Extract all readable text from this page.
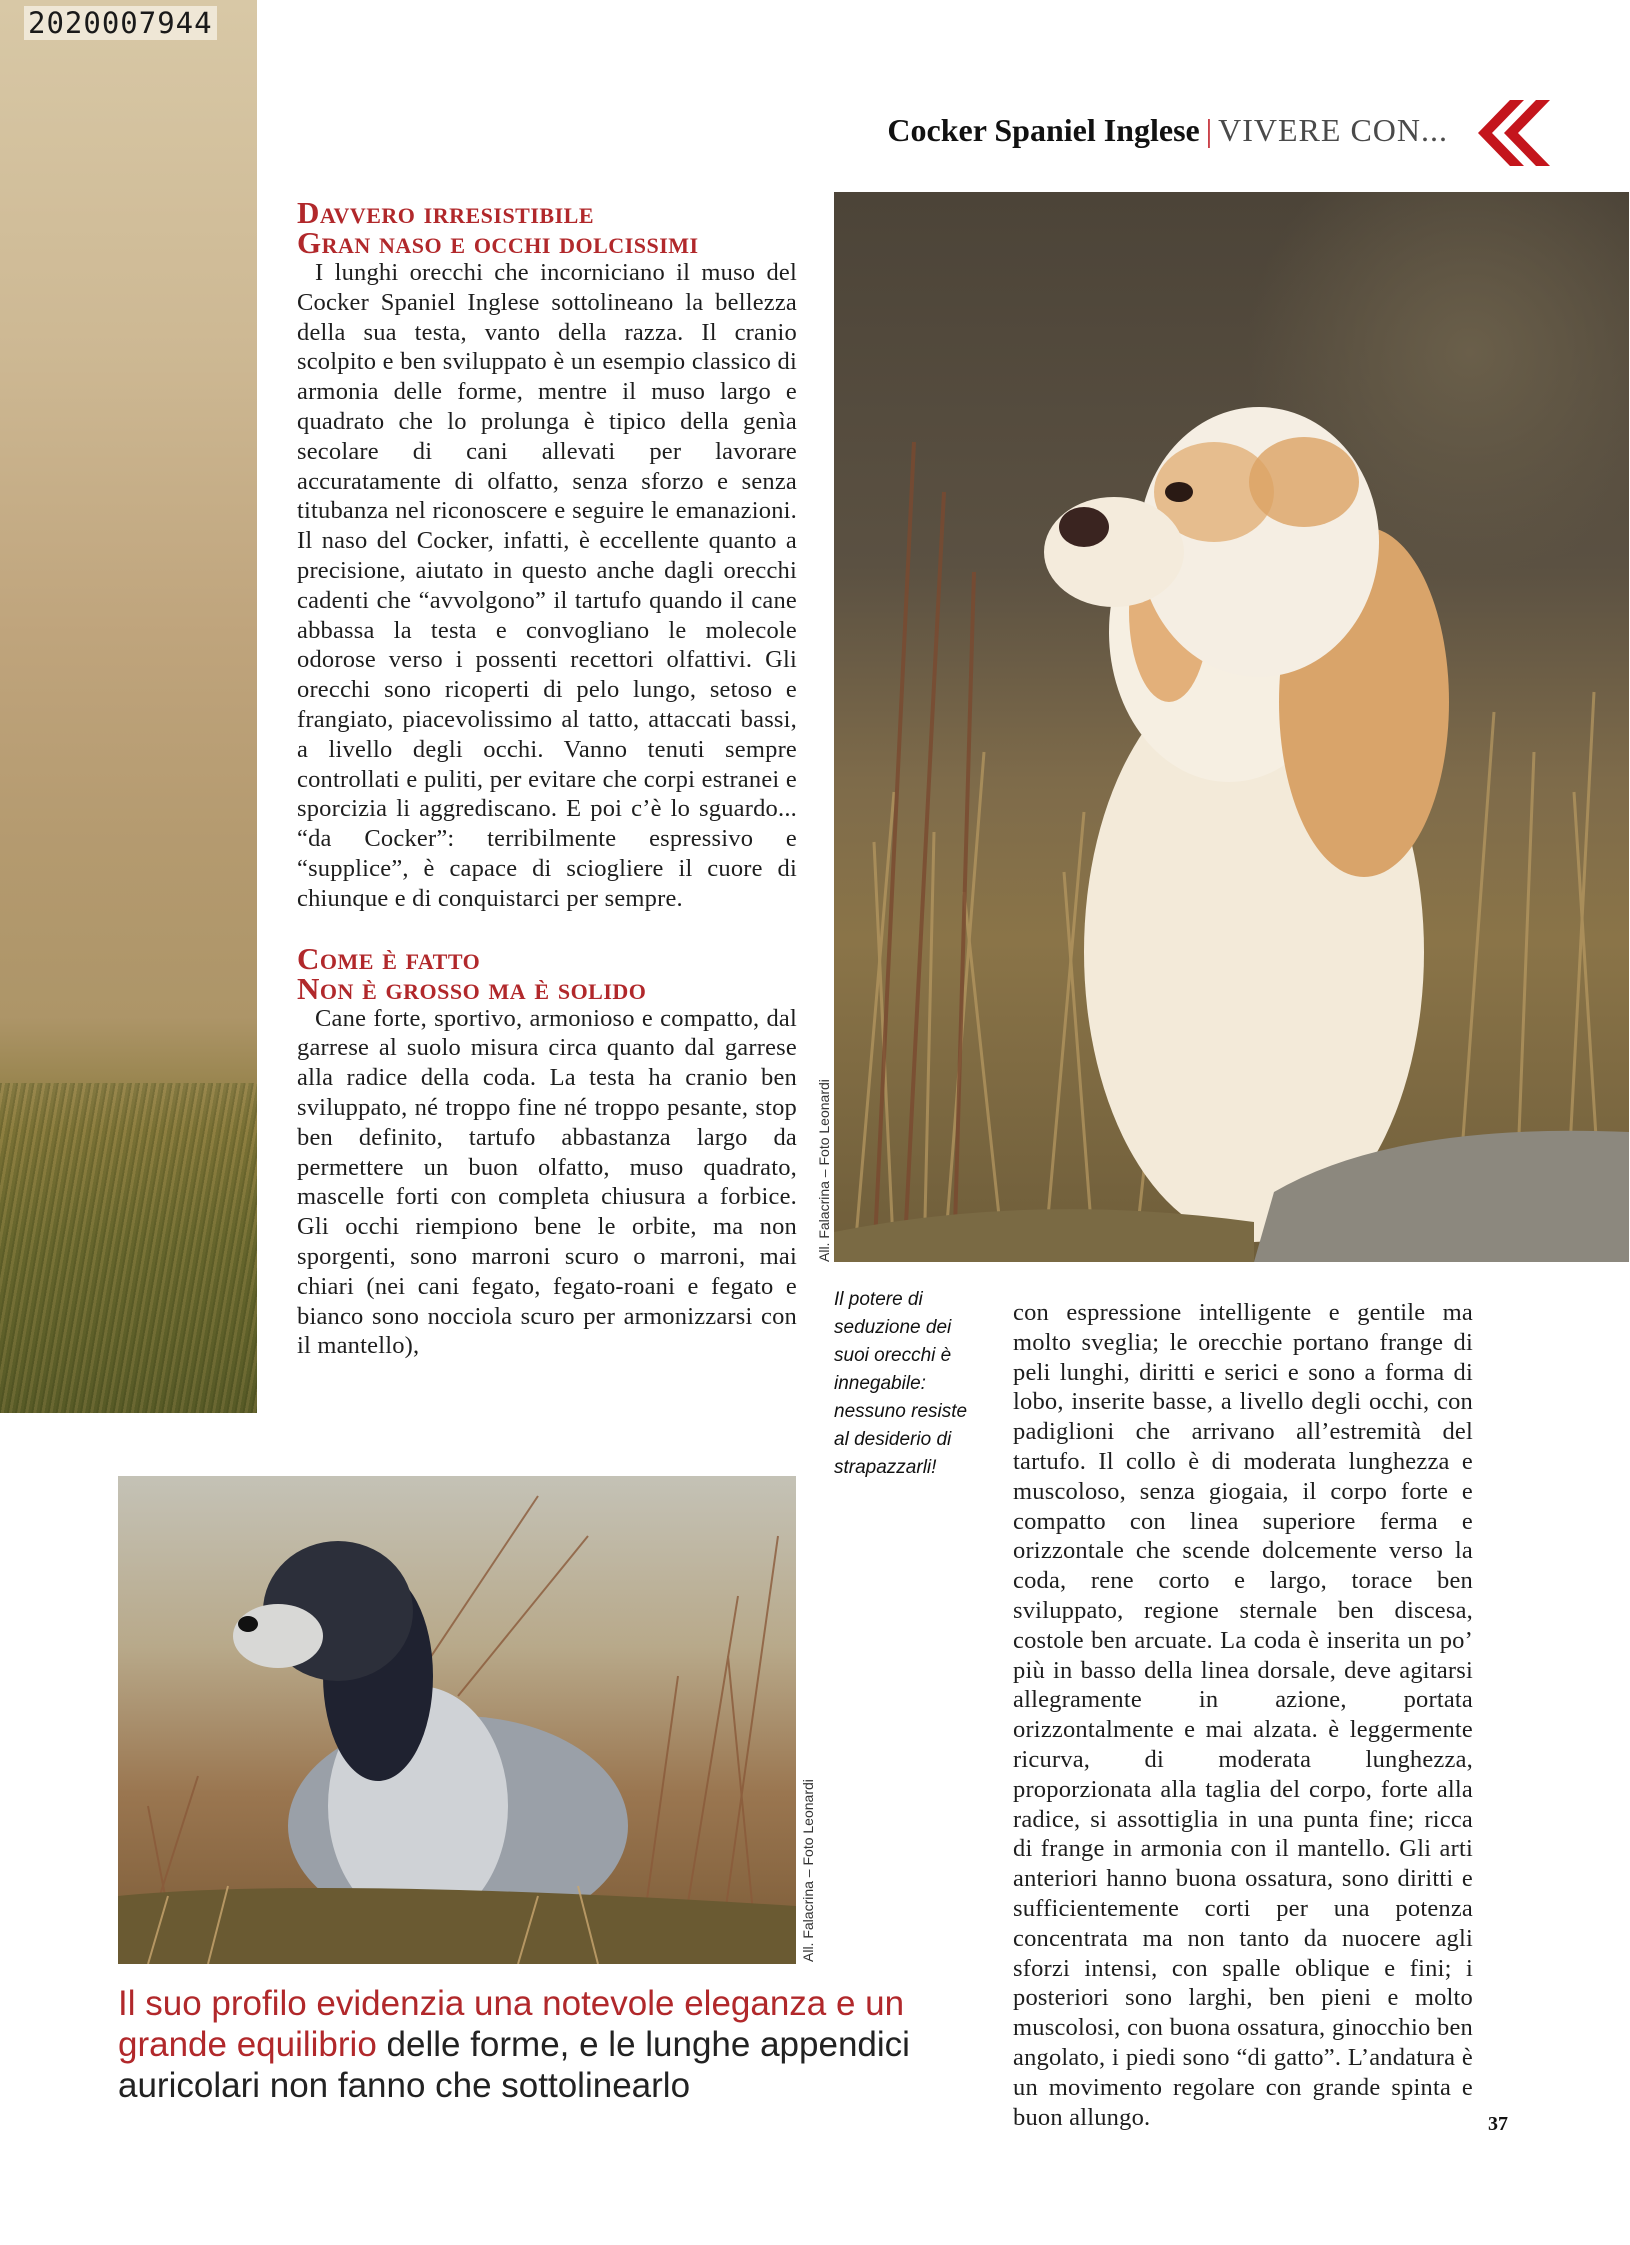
2020007944
Cocker Spaniel Inglese | VIVERE CON...
Davvero irresistibile
Gran naso e occhi dolcissimi

I lunghi orecchi che incorniciano il muso del Cocker Spaniel Inglese sottolineano la bellezza della sua testa, vanto della razza. Il cranio scolpito e ben sviluppato è un esempio classico di armonia delle forme, mentre il muso largo e quadrato che lo prolunga è tipico della genìa secolare di cani allevati per lavorare accuratamente di olfatto, senza sforzo e senza titubanza nel riconoscere e seguire le emanazioni. Il naso del Cocker, infatti, è eccellente quanto a precisione, aiutato in questo anche dagli orecchi cadenti che “avvolgono” il tartufo quando il cane abbassa la testa e convogliano le molecole odorose verso i possenti recettori olfattivi. Gli orecchi sono ricoperti di pelo lungo, setoso e frangiato, piacevolissimo al tatto, attaccati bassi, a livello degli occhi. Vanno tenuti sempre controllati e puliti, per evitare che corpi estranei e sporcizia li aggrediscano. E poi c’è lo sguardo... “da Cocker”: terribilmente espressivo e “supplice”, è capace di sciogliere il cuore di chiunque e di conquistarci per sempre.

Come è fatto
Non è grosso ma è solido

Cane forte, sportivo, armonioso e compatto, dal garrese al suolo misura circa quanto dal garrese alla radice della coda. La testa ha cranio ben sviluppato, né troppo fine né troppo pesante, stop ben definito, tartufo abbastanza largo da permettere un buon olfatto, muso quadrato, mascelle forti con completa chiusura a forbice. Gli occhi riempiono bene le orbite, ma non sporgenti, sono marroni scuro o marroni, mai chiari (nei cani fegato, fegato-roani e fegato e bianco sono nocciola scuro per armonizzarsi con il mantello),

All. Falacrina – Foto Leonardi
Il potere di seduzione dei suoi orecchi è innegabile: nessuno resiste al desiderio di strapazzarli!

con espressione intelligente e gentile ma molto sveglia; le orecchie portano frange di peli lunghi, diritti e serici e sono a forma di lobo, inserite basse, a livello degli occhi, con padiglioni che arrivano all’estremità del tartufo. Il collo è di moderata lunghezza e muscoloso, senza giogaia, il corpo forte e compatto con linea superiore ferma e orizzontale che scende dolcemente verso la coda, rene corto e largo, torace ben sviluppato, regione sternale ben discesa, costole ben arcuate. La coda è inserita un po’ più in basso della linea dorsale, deve agitarsi allegramente in azione, portata orizzontalmente e mai alzata. è leggermente ricurva, di moderata lunghezza, proporzionata alla taglia del corpo, forte alla radice, si assottiglia in una punta fine; ricca di frange in armonia con il mantello. Gli arti anteriori hanno buona ossatura, sono diritti e sufficientemente corti per una potenza concentrata ma non tanto da nuocere agli sforzi intensi, con spalle oblique e fini; i posteriori sono larghi, ben pieni e molto muscolosi, con buona ossatura, ginocchio ben angolato, i piedi sono “di gatto”. L’andatura è un movimento regolare con grande spinta e buon allungo.

All. Falacrina – Foto Leonardi
Il suo profilo evidenzia una notevole eleganza e un grande equilibrio delle forme, e le lunghe appendici auricolari non fanno che sottolinearlo
37
